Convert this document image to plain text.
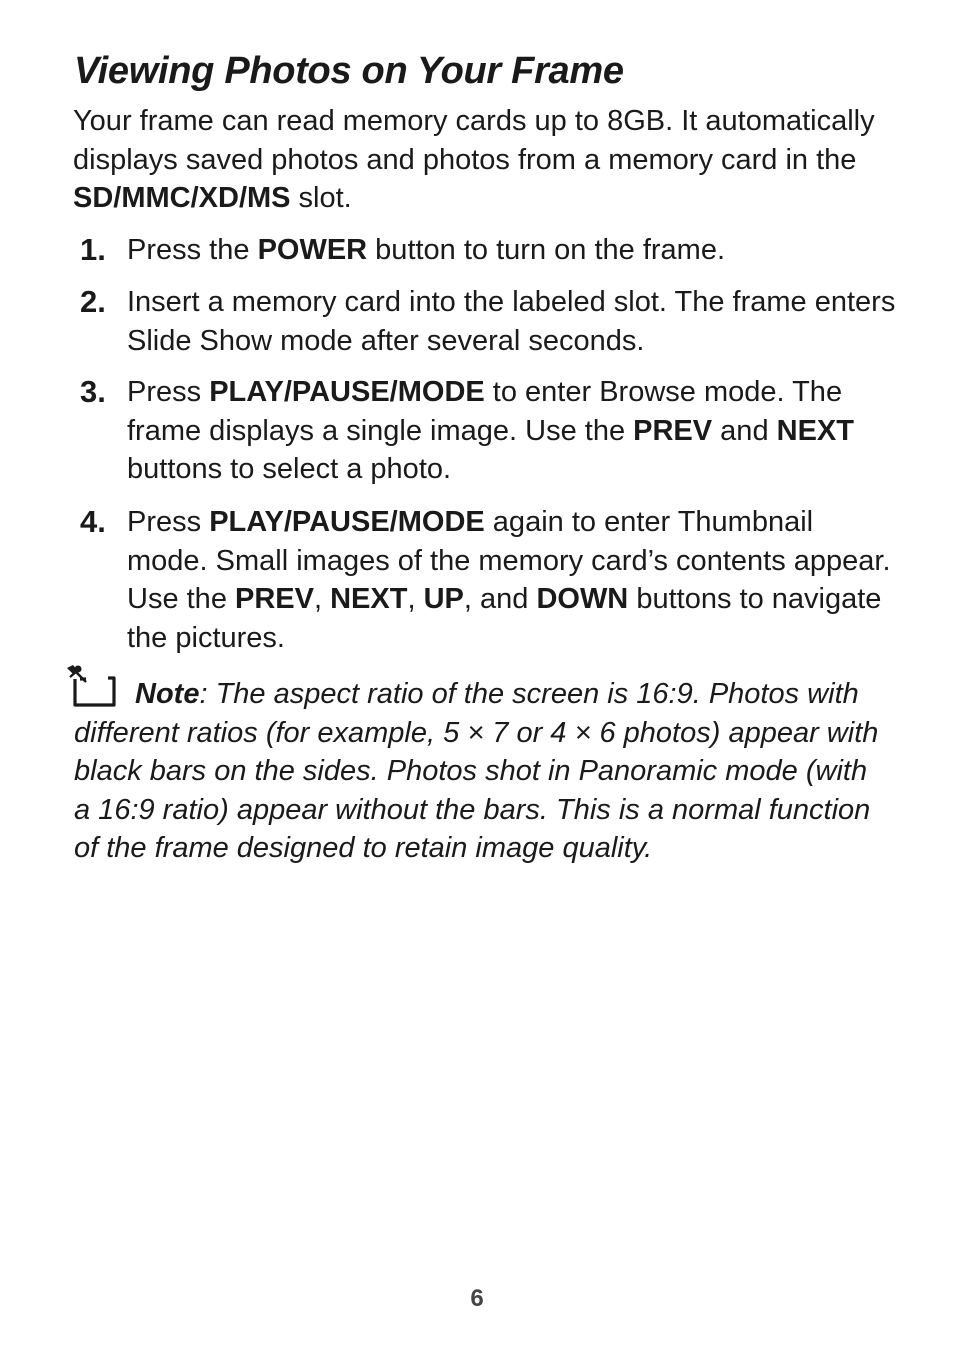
Viewing Photos on Your Frame

Your frame can read memory cards up to 8GB. It automatically displays saved photos and photos from a memory card in the SD/MMC/XD/MS slot.

1. Press the POWER button to turn on the frame.

2. Insert a memory card into the labeled slot. The frame enters Slide Show mode after several seconds.

3. Press PLAY/PAUSE/MODE to enter Browse mode. The frame displays a single image. Use the PREV and NEXT buttons to select a photo.

4. Press PLAY/PAUSE/MODE again to enter Thumbnail mode. Small images of the memory card’s contents appear. Use the PREV, NEXT, UP, and DOWN buttons to navigate the pictures.

Note: The aspect ratio of the screen is 16:9. Photos with different ratios (for example, 5 × 7 or 4 × 6 photos) appear with black bars on the sides. Photos shot in Panoramic mode (with a 16:9 ratio) appear without the bars. This is a normal function of the frame designed to retain image quality.

6
